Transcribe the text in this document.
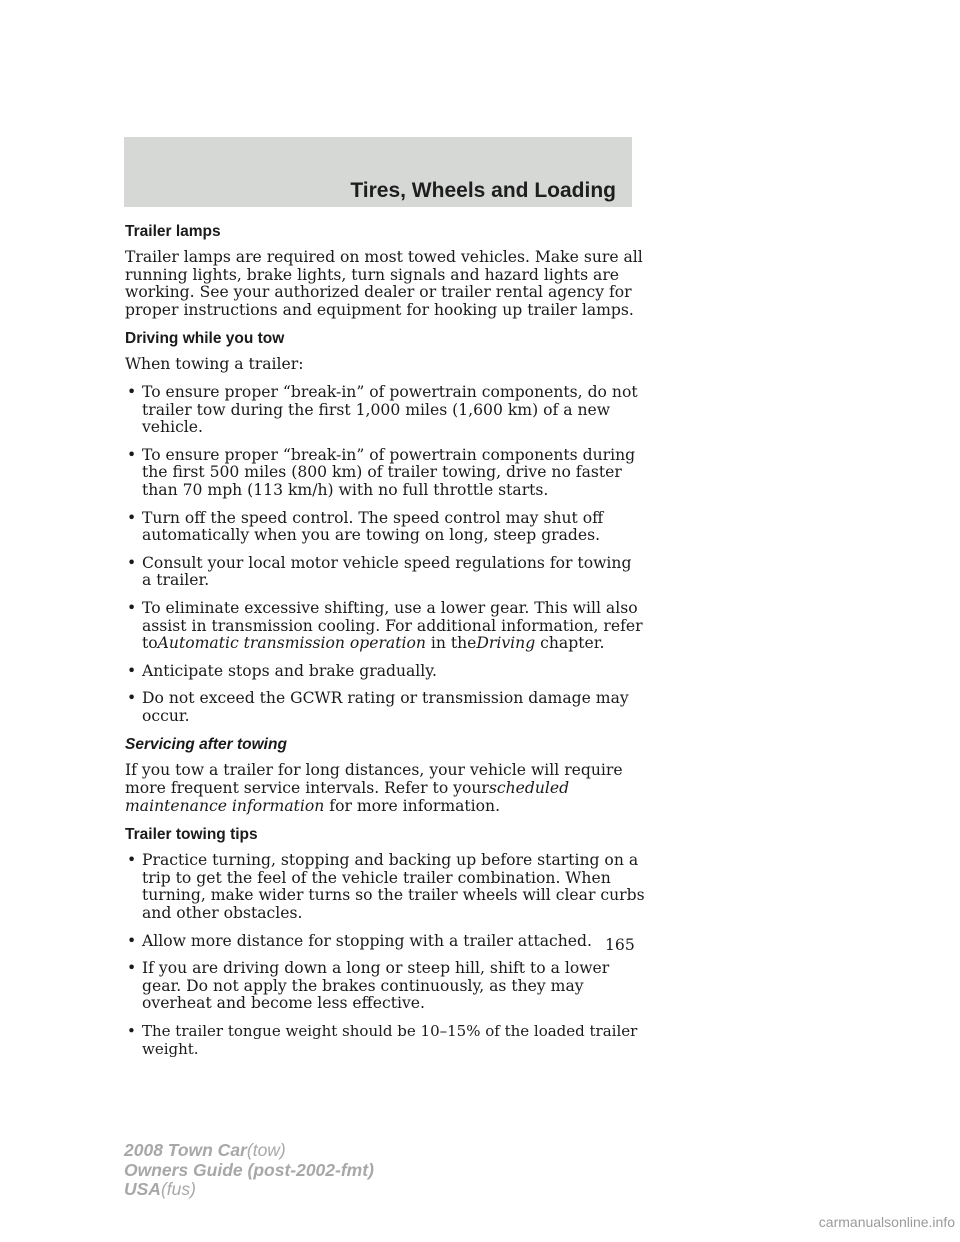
Tires, Wheels and Loading
Trailer lamps

Trailer lamps are required on most towed vehicles. Make sure all running lights, brake lights, turn signals and hazard lights are working. See your authorized dealer or trailer rental agency for proper instructions and equipment for hooking up trailer lamps.

Driving while you tow

When towing a trailer:

• To ensure proper “break-in” of powertrain components, do not trailer tow during the first 1,000 miles (1,600 km) of a new vehicle.
• To ensure proper “break-in” of powertrain components during the first 500 miles (800 km) of trailer towing, drive no faster than 70 mph (113 km/h) with no full throttle starts.
• Turn off the speed control. The speed control may shut off automatically when you are towing on long, steep grades.
• Consult your local motor vehicle speed regulations for towing a trailer.
• To eliminate excessive shifting, use a lower gear. This will also assist in transmission cooling. For additional information, refer toAutomatic transmission operation in theDriving chapter.
• Anticipate stops and brake gradually.
• Do not exceed the GCWR rating or transmission damage may occur.
Servicing after towing

If you tow a trailer for long distances, your vehicle will require more frequent service intervals. Refer to yourscheduled maintenance information for more information.

Trailer towing tips
• Practice turning, stopping and backing up before starting on a trip to get the feel of the vehicle trailer combination. When turning, make wider turns so the trailer wheels will clear curbs and other obstacles.
• Allow more distance for stopping with a trailer attached.
• If you are driving down a long or steep hill, shift to a lower gear. Do not apply the brakes continuously, as they may overheat and become less effective.
• The trailer tongue weight should be 10–15% of the loaded trailer weight.
165
2008 Town Car(tow)
Owners Guide (post-2002-fmt)
USA(fus)
carmanualsonline.info
